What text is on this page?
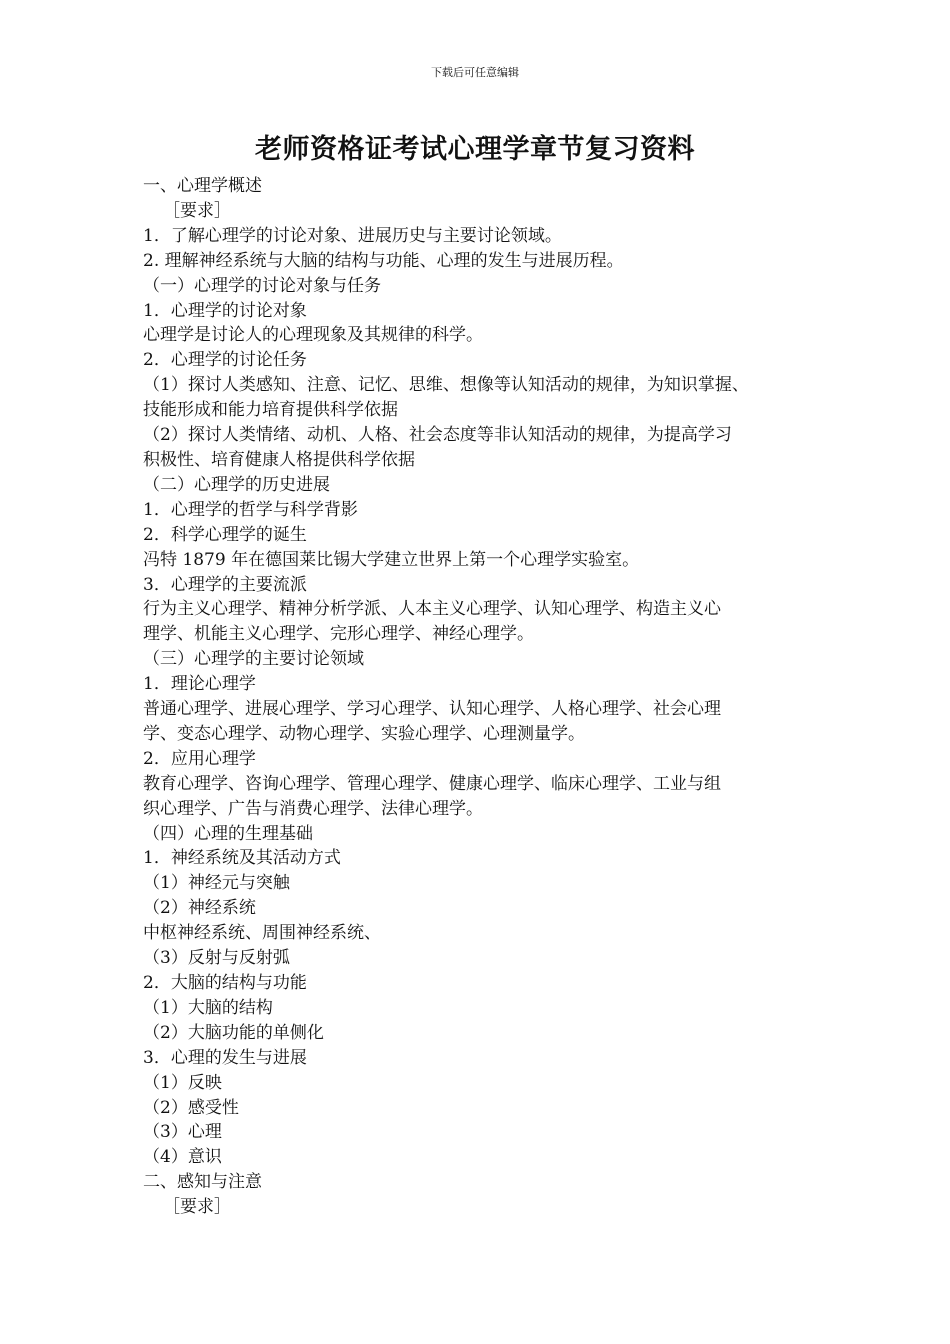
下载后可任意编辑
老师资格证考试心理学章节复习资料

一、心理学概述

［要求］

1．了解心理学的讨论对象、进展历史与主要讨论领域。

2. 理解神经系统与大脑的结构与功能、心理的发生与进展历程。

（一）心理学的讨论对象与任务

1．心理学的讨论对象

心理学是讨论人的心理现象及其规律的科学。

2．心理学的讨论任务

（1）探讨人类感知、注意、记忆、思维、想像等认知活动的规律，为知识掌握、

技能形成和能力培育提供科学依据

（2）探讨人类情绪、动机、人格、社会态度等非认知活动的规律，为提高学习

积极性、培育健康人格提供科学依据

（二）心理学的历史进展

1．心理学的哲学与科学背影

2．科学心理学的诞生

冯特 1879 年在德国莱比锡大学建立世界上第一个心理学实验室。

3．心理学的主要流派

行为主义心理学、精神分析学派、人本主义心理学、认知心理学、构造主义心

理学、机能主义心理学、完形心理学、神经心理学。

（三）心理学的主要讨论领域

1．理论心理学

普通心理学、进展心理学、学习心理学、认知心理学、人格心理学、社会心理

学、变态心理学、动物心理学、实验心理学、心理测量学。

2．应用心理学

教育心理学、咨询心理学、管理心理学、健康心理学、临床心理学、工业与组

织心理学、广告与消费心理学、法律心理学。

（四）心理的生理基础

1．神经系统及其活动方式

（1）神经元与突触

（2）神经系统

中枢神经系统、周围神经系统、

（3）反射与反射弧

2．大脑的结构与功能

（1）大脑的结构

（2）大脑功能的单侧化

3．心理的发生与进展

（1）反映

（2）感受性

（3）心理

（4）意识

二、感知与注意

［要求］
